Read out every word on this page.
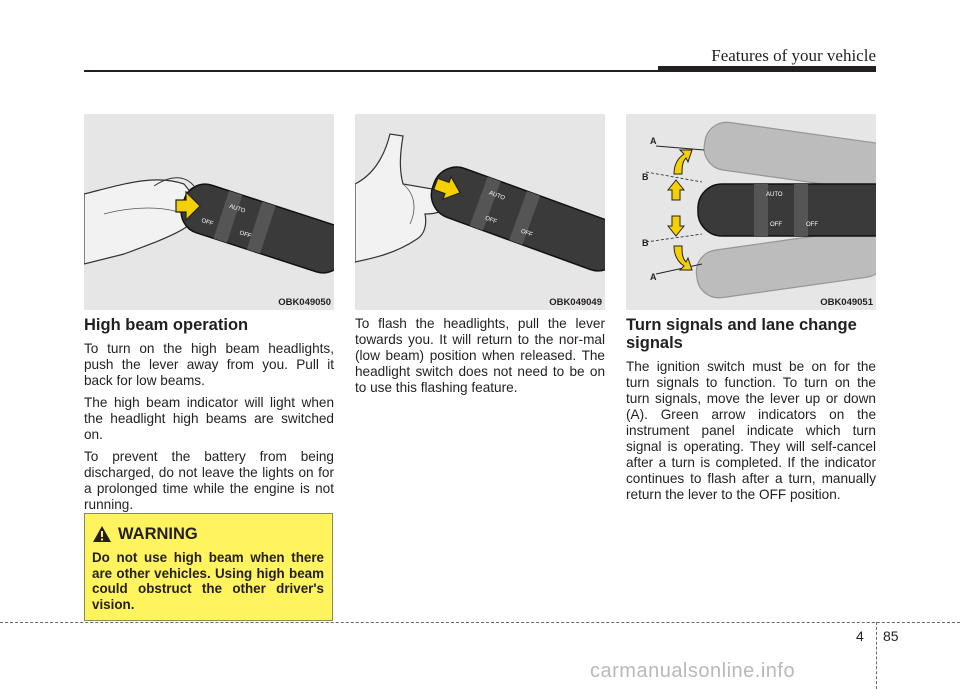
Features of your vehicle
AUTO
OFF
OFF
OBK049050
AUTO
OFF
OFF
OBK049049
AUTO
OFF	OFF
A
B
B
A
OBK049051
High beam operation

To turn on the high beam headlights, push the lever away from you. Pull it back for low beams.

The high beam indicator will light when the headlight high beams are switched on.

To prevent the battery from being discharged, do not leave the lights on for a prolonged time while the engine is not running.

To flash the headlights, pull the lever towards you. It will return to the nor-mal (low beam) position when released. The headlight switch does not need to be on to use this flashing feature.

Turn signals and lane change signals

The ignition switch must be on for the turn signals to function. To turn on the turn signals, move the lever up or down (A). Green arrow indicators on the instrument panel indicate which turn signal is operating. They will self-cancel after a turn is completed. If the indicator continues to flash after a turn, manually return the lever to the OFF position.

WARNING

Do not use high beam when there are other vehicles. Using high beam could obstruct the other driver's vision.

4 85
carmanualsonline.info
